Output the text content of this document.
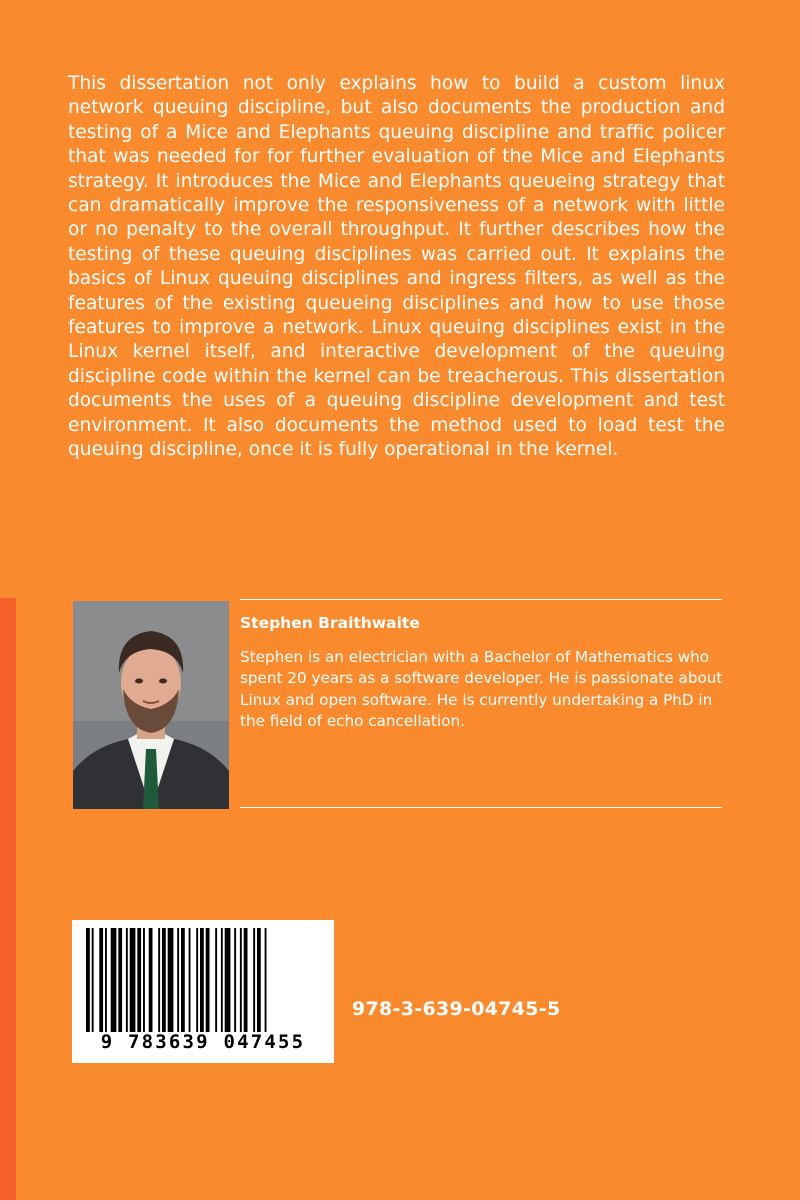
This dissertation not only explains how to build a custom linux network queuing discipline, but also documents the production and testing of a Mice and Elephants queuing discipline and traffic policer that was needed for for further evaluation of the Mice and Elephants strategy. It introduces the Mice and Elephants queueing strategy that can dramatically improve the responsiveness of a network with little or no penalty to the overall throughput. It further describes how the testing of these queuing disciplines was carried out. It explains the basics of Linux queuing disciplines and ingress filters, as well as the features of the existing queueing disciplines and how to use those features to improve a network. Linux queuing disciplines exist in the Linux kernel itself, and interactive development of the queuing discipline code within the kernel can be treacherous. This dissertation documents the uses of a queuing discipline development and test environment. It also documents the method used to load test the queuing discipline, once it is fully operational in the kernel.

Stephen Braithwaite

Stephen is an electrician with a Bachelor of Mathematics who spent 20 years as a software developer. He is passionate about Linux and open software. He is currently undertaking a PhD in the field of echo cancellation.

9 783639 047455
978-3-639-04745-5
